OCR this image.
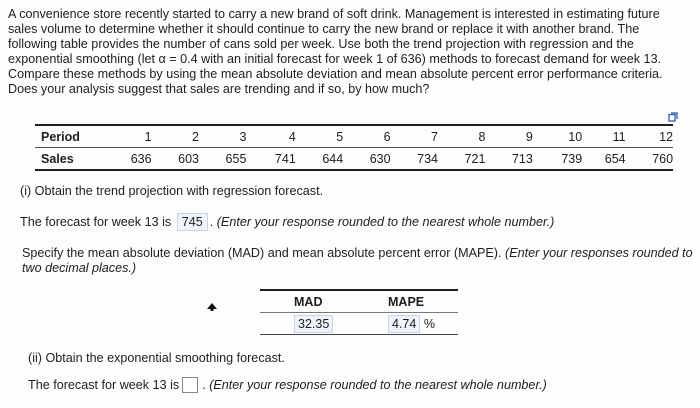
A convenience store recently started to carry a new brand of soft drink. Management is interested in estimating future
sales volume to determine whether it should continue to carry the new brand or replace it with another brand. The
following table provides the number of cans sold per week. Use both the trend projection with regression and the
exponential smoothing (let α = 0.4 with an initial forecast for week 1 of 636) methods to forecast demand for week 13.
Compare these methods by using the mean absolute deviation and mean absolute percent error performance criteria.
Does your analysis suggest that sales are trending and if so, by how much?
Period	1	2	3	4	5	6	7	8	9	10	11	12
Sales	636	603	655	741	644	630	734	721	713	739	654	760
(i) Obtain the trend projection with regression forecast.
The forecast for week 13 is 745 . (Enter your response rounded to the nearest whole number.)
Specify the mean absolute deviation (MAD) and mean absolute percent error (MAPE). (Enter your responses rounded to two decimal places.)
MAD	MAPE
32.35	4.74 %
(ii) Obtain the exponential smoothing forecast.
The forecast for week 13 is .
(Enter your response rounded to the nearest whole number.)
